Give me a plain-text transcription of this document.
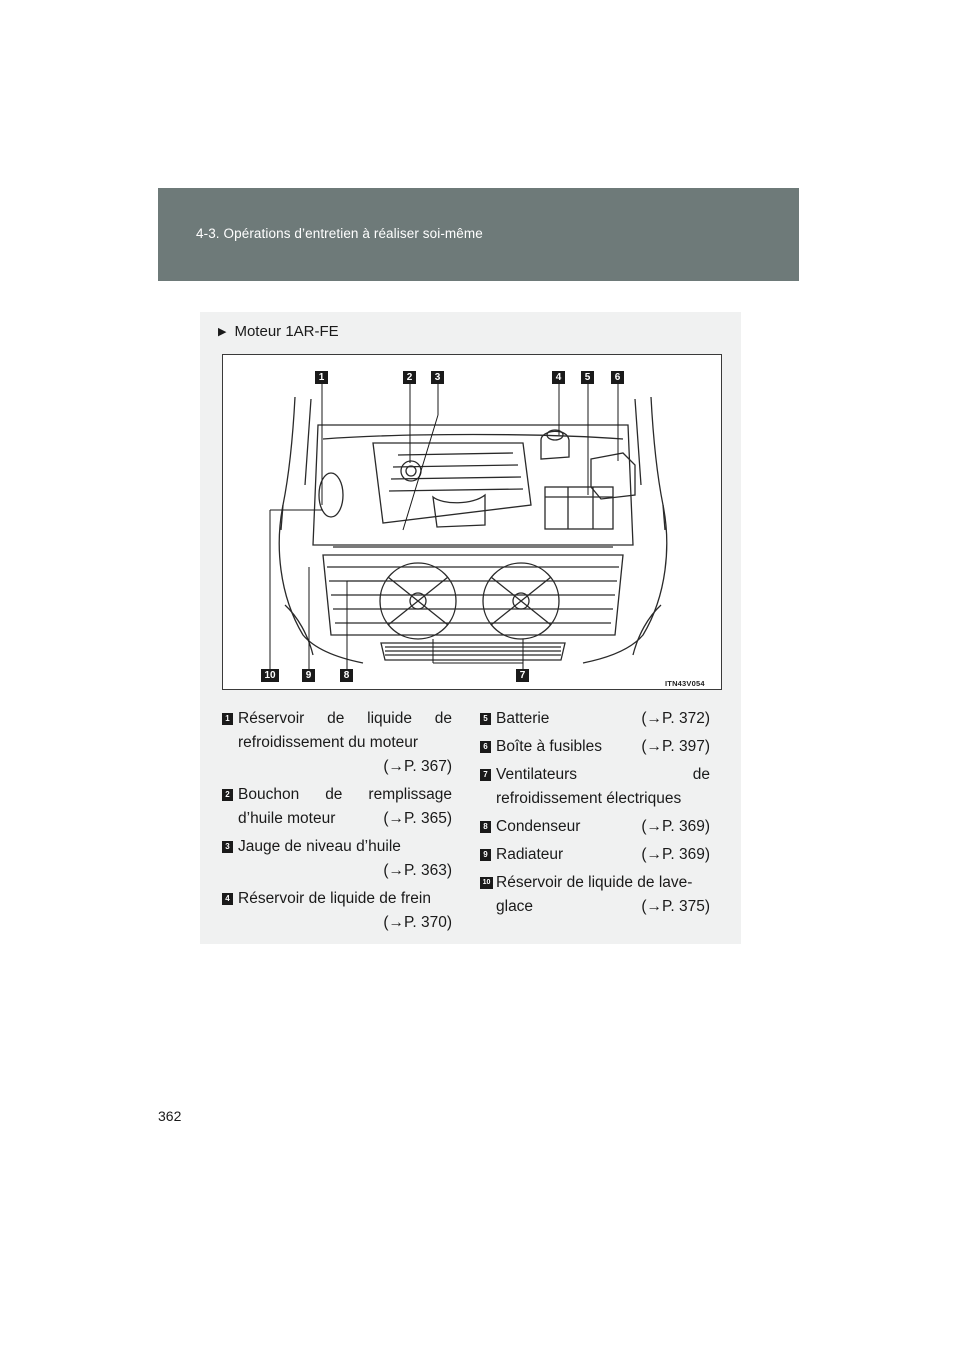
4-3. Opérations d’entretien à réaliser soi-même
▶ Moteur 1AR-FE
1	2	3	4	5	6
7
8
9
10
ITN43V054
1 Réservoir de liquide de
refroidissement du moteur
(→P. 367)
2 Bouchon de remplissage
d’huile moteur	(→P. 365)
3 Jauge de niveau d’huile
(→P. 363)
4 Réservoir de liquide de frein
(→P. 370)
5 Batterie	(→P. 372)
6 Boîte à fusibles	(→P. 397)
7 Ventilateurs de
refroidissement électriques
8 Condenseur	(→P. 369)
9 Radiateur	(→P. 369)
10 Réservoir de liquide de lave-
glace	(→P. 375)
362
